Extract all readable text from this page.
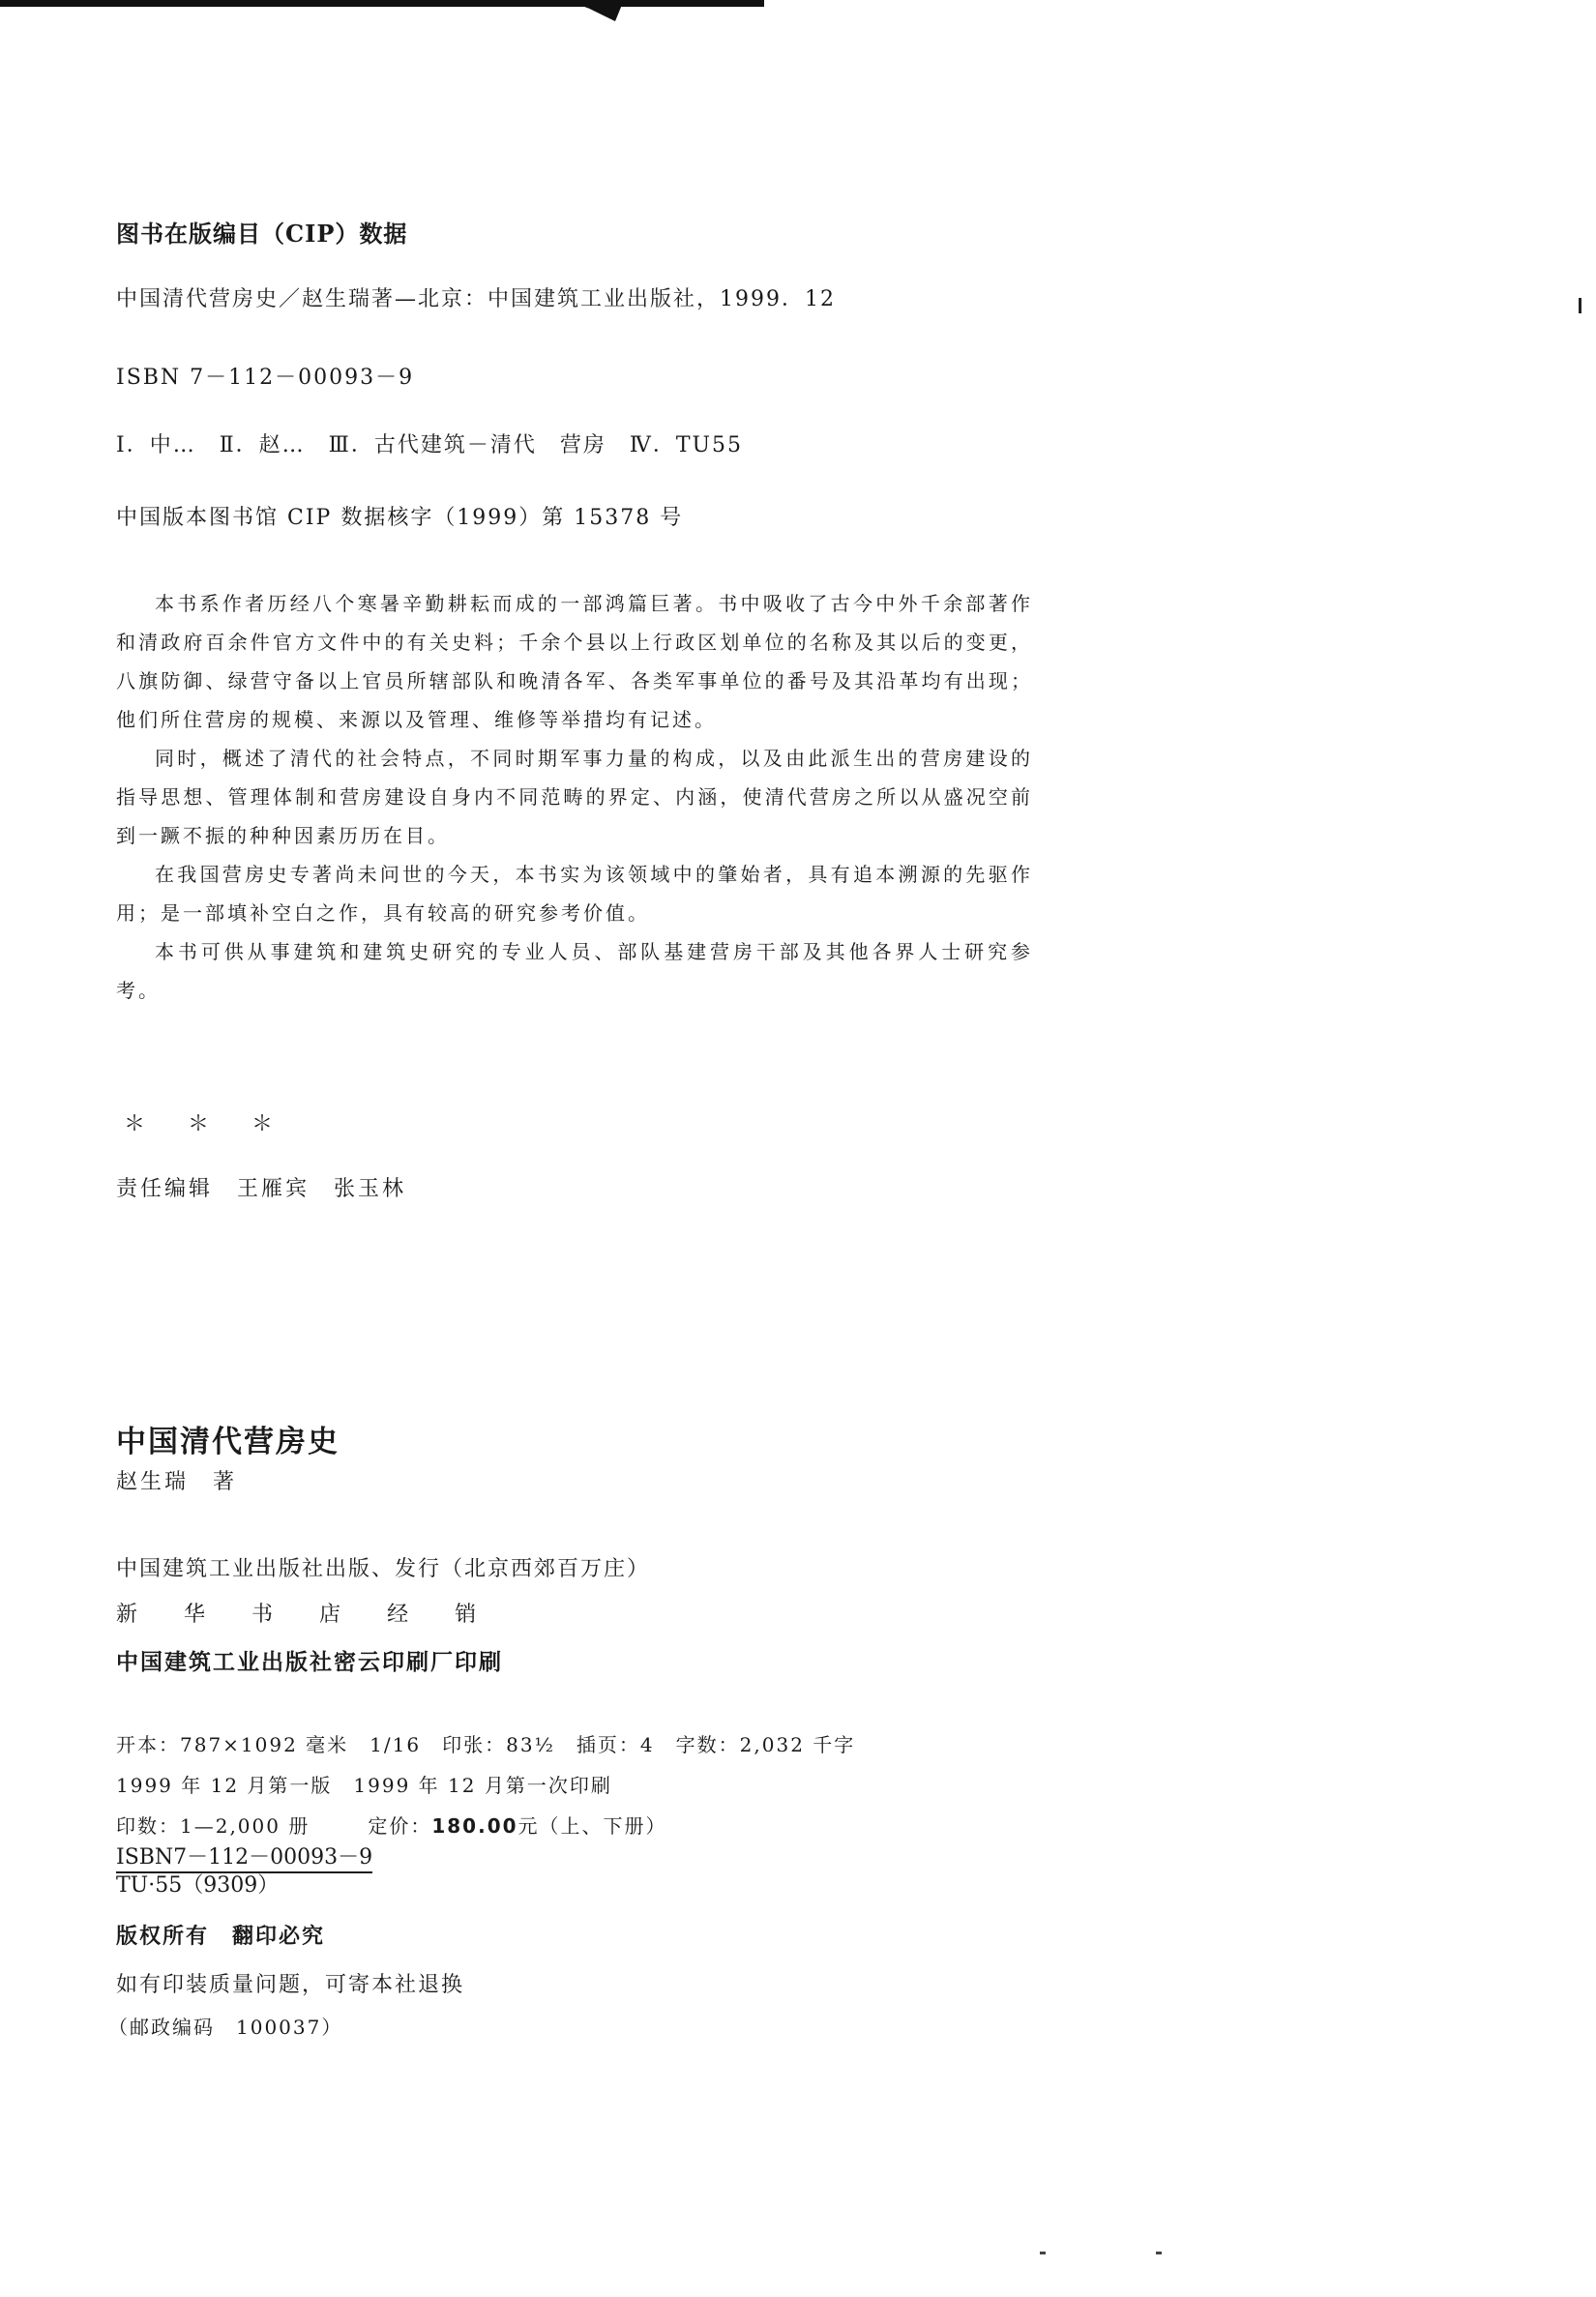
图书在版编目（CIP）数据
中国清代营房史／赵生瑞著—北京：中国建筑工业出版社，1999．12
ISBN 7－112－00093－9
Ⅰ．中…　Ⅱ．赵…　Ⅲ．古代建筑－清代　营房　Ⅳ．TU55
中国版本图书馆 CIP 数据核字（1999）第 15378 号

本书系作者历经八个寒暑辛勤耕耘而成的一部鸿篇巨著。书中吸收了古今中外千余部著作和清政府百余件官方文件中的有关史料；千余个县以上行政区划单位的名称及其以后的变更，八旗防御、绿营守备以上官员所辖部队和晚清各军、各类军事单位的番号及其沿革均有出现；他们所住营房的规模、来源以及管理、维修等举措均有记述。

同时，概述了清代的社会特点，不同时期军事力量的构成，以及由此派生出的营房建设的指导思想、管理体制和营房建设自身内不同范畴的界定、内涵，使清代营房之所以从盛况空前到一蹶不振的种种因素历历在目。

在我国营房史专著尚未问世的今天，本书实为该领域中的肇始者，具有追本溯源的先驱作用；是一部填补空白之作，具有较高的研究参考价值。

本书可供从事建筑和建筑史研究的专业人员、部队基建营房干部及其他各界人士研究参考。

＊　　＊　　＊
责任编辑　王雁宾　张玉林
中国清代营房史
赵生瑞　著
中国建筑工业出版社出版、发行（北京西郊百万庄）
新 华 书 店 经 销
中国建筑工业出版社密云印刷厂印刷
开本：787×1092 毫米　1/16　印张：83½　插页：4　字数：2,032 千字
1999 年 12 月第一版　1999 年 12 月第一次印刷
印数：1—2,000 册	定价：180.00元（上、下册）
ISBN7－112－00093－9
TU·55（9309）
版权所有　翻印必究
如有印装质量问题，可寄本社退换
（邮政编码　100037）
